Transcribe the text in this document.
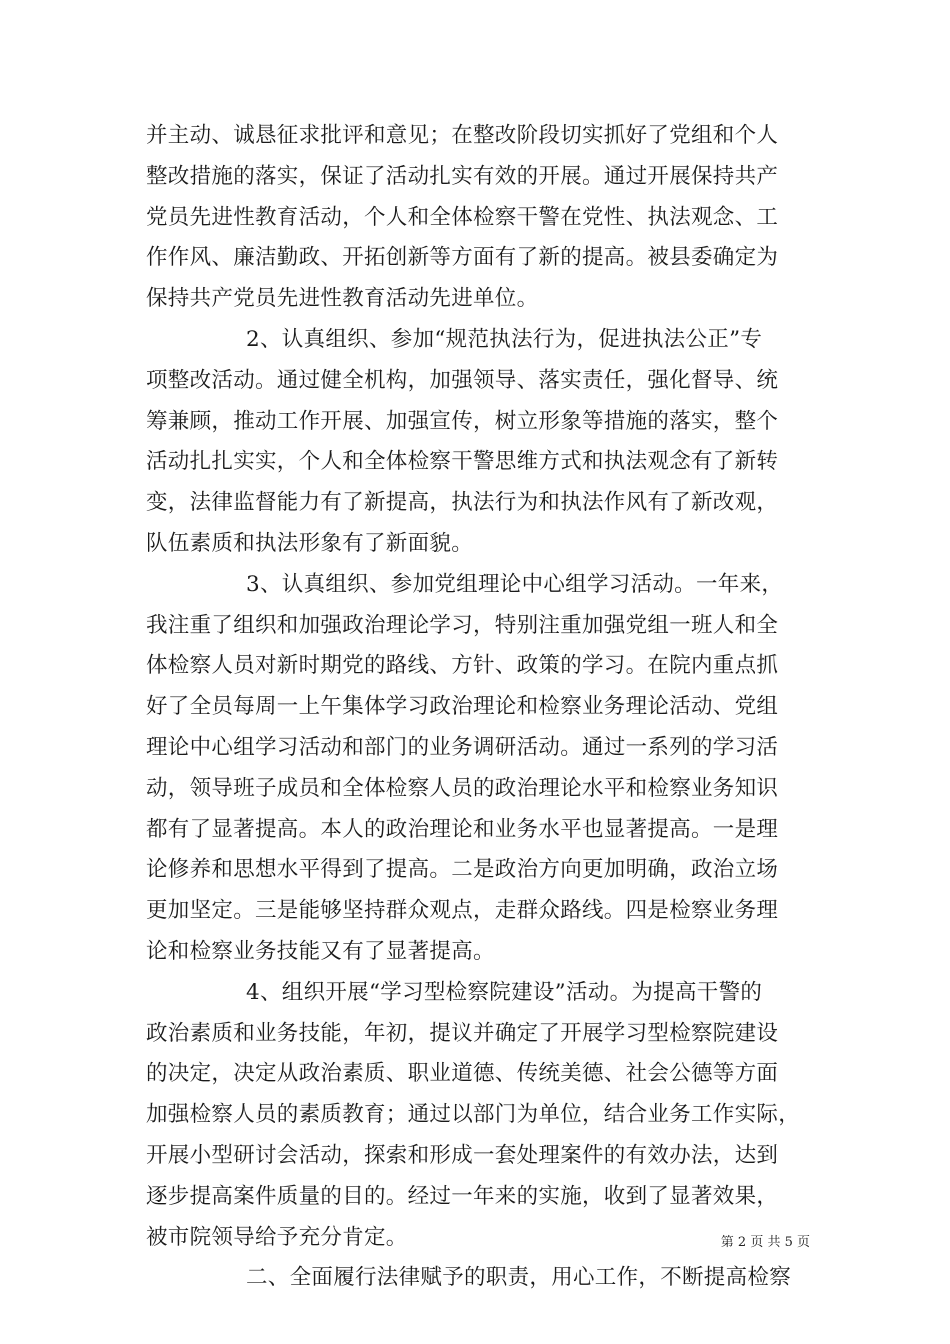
并主动、诚恳征求批评和意见；在整改阶段切实抓好了党组和个人
整改措施的落实，保证了活动扎实有效的开展。通过开展保持共产
党员先进性教育活动，个人和全体检察干警在党性、执法观念、工
作作风、廉洁勤政、开拓创新等方面有了新的提高。被县委确定为
保持共产党员先进性教育活动先进单位。
2、认真组织、参加“规范执法行为，促进执法公正”专
项整改活动。通过健全机构，加强领导、落实责任，强化督导、统
筹兼顾，推动工作开展、加强宣传，树立形象等措施的落实，整个
活动扎扎实实，个人和全体检察干警思维方式和执法观念有了新转
变，法律监督能力有了新提高，执法行为和执法作风有了新改观，
队伍素质和执法形象有了新面貌。
3、认真组织、参加党组理论中心组学习活动。一年来，
我注重了组织和加强政治理论学习，特别注重加强党组一班人和全
体检察人员对新时期党的路线、方针、政策的学习。在院内重点抓
好了全员每周一上午集体学习政治理论和检察业务理论活动、党组
理论中心组学习活动和部门的业务调研活动。通过一系列的学习活
动，领导班子成员和全体检察人员的政治理论水平和检察业务知识
都有了显著提高。本人的政治理论和业务水平也显著提高。一是理
论修养和思想水平得到了提高。二是政治方向更加明确，政治立场
更加坚定。三是能够坚持群众观点，走群众路线。四是检察业务理
论和检察业务技能又有了显著提高。
4、组织开展“学习型检察院建设”活动。为提高干警的
政治素质和业务技能，年初，提议并确定了开展学习型检察院建设
的决定，决定从政治素质、职业道德、传统美德、社会公德等方面
加强检察人员的素质教育；通过以部门为单位，结合业务工作实际，
开展小型研讨会活动，探索和形成一套处理案件的有效办法，达到
逐步提高案件质量的目的。经过一年来的实施，收到了显著效果，
被市院领导给予充分肯定。
二、全面履行法律赋予的职责，用心工作，不断提高检察
第 2 页 共 5 页
